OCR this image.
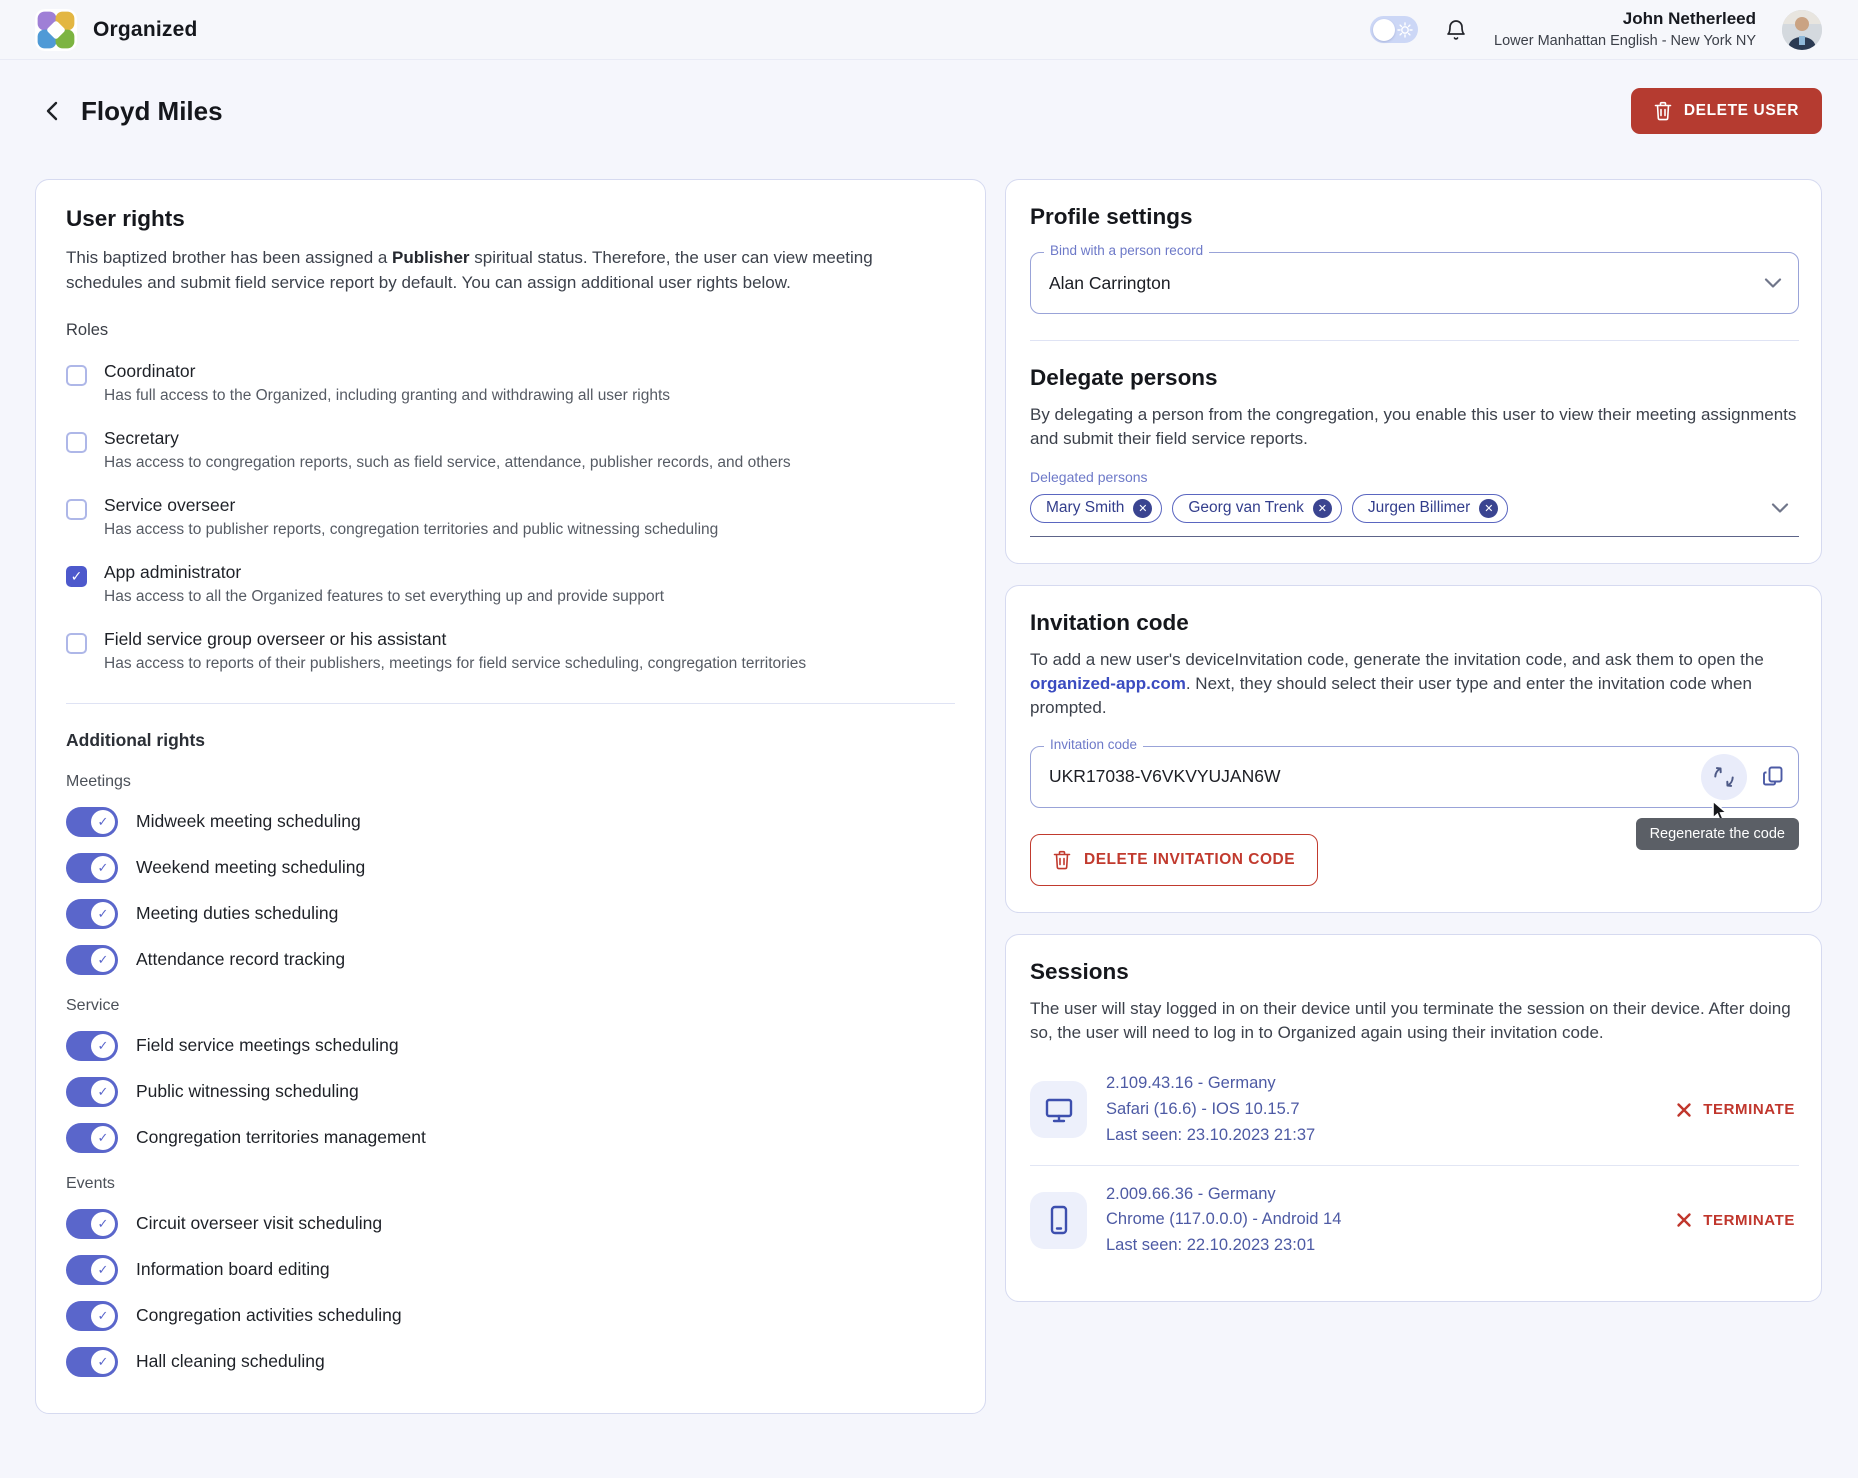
Organized	John Netherleed
Lower Manhattan English - New York NY
Floyd Miles	DELETE USER
User rights

This baptized brother has been assigned a Publisher spiritual status. Therefore, the user can view meeting schedules and submit field service report by default. You can assign additional user rights below.

Roles
Coordinator
Has full access to the Organized, including granting and withdrawing all user rights
Secretary
Has access to congregation reports, such as field service, attendance, publisher records, and others
Service overseer
Has access to publisher reports, congregation territories and public witnessing scheduling
✓
App administrator
Has access to all the Organized features to set everything up and provide support
Field service group overseer or his assistant
Has access to reports of their publishers, meetings for field service scheduling, congregation territories
Additional rights
Meetings
✓
Midweek meeting scheduling
✓
Weekend meeting scheduling
✓
Meeting duties scheduling
✓
Attendance record tracking
Service
✓
Field service meetings scheduling
✓
Public witnessing scheduling
✓
Congregation territories management
Events
✓
Circuit overseer visit scheduling
✓
Information board editing
✓
Congregation activities scheduling
✓
Hall cleaning scheduling
Profile settings
Bind with a person record
Alan Carrington
Delegate persons

By delegating a person from the congregation, you enable this user to view their meeting assignments and submit their field service reports.

Delegated persons
Mary Smith	✕	Georg van Trenk	✕	Jurgen Billimer	✕
Invitation code

To add a new user's deviceInvitation code, generate the invitation code, and ask them to open the organized-app.com. Next, they should select their user type and enter the invitation code when prompted.

Invitation code
UKR17038-V6VKVYUJAN6W
DELETE INVITATION CODE
Regenerate the code
Sessions

The user will stay logged in on their device until you terminate the session on their device. After doing so, the user will need to log in to Organized again using their invitation code.

2.109.43.16 - Germany
Safari (16.6) - IOS 10.15.7
Last seen: 23.10.2023 21:37
TERMINATE
2.009.66.36 - Germany
Chrome (117.0.0.0) - Android 14
Last seen: 22.10.2023 23:01
TERMINATE
